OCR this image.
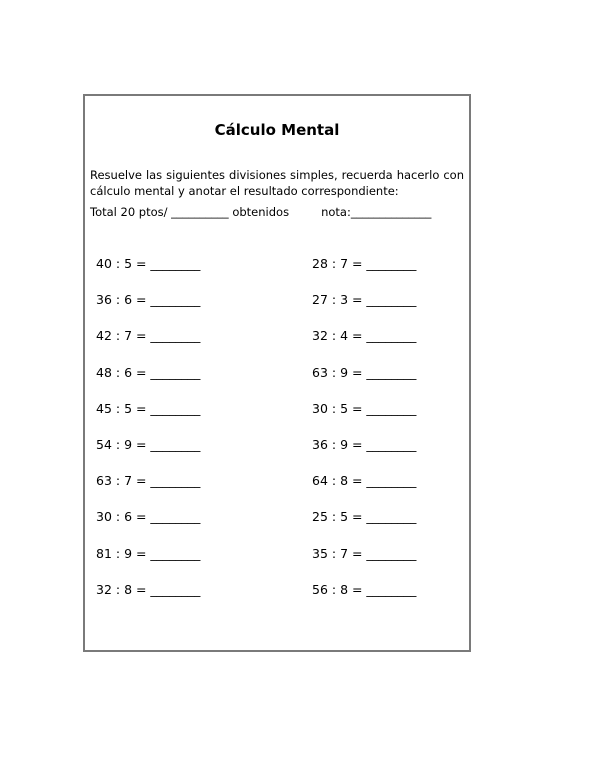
Cálculo Mental
Resuelve las siguientes divisiones simples, recuerda hacerlo con cálculo mental y anotar el resultado correspondiente:
Total 20 ptos/ __________ obtenidos	nota:______________
40 : 5 = ________
36 : 6 = ________
42 : 7 = ________
48 : 6 = ________
45 : 5 = ________
54 : 9 = ________
63 : 7 = ________
30 : 6 = ________
81 : 9 = ________
32 : 8 = ________
28 : 7 = ________
27 : 3 = ________
32 : 4 = ________
63 : 9 = ________
30 : 5 = ________
36 : 9 = ________
64 : 8 = ________
25 : 5 = ________
35 : 7 = ________
56 : 8 = ________
